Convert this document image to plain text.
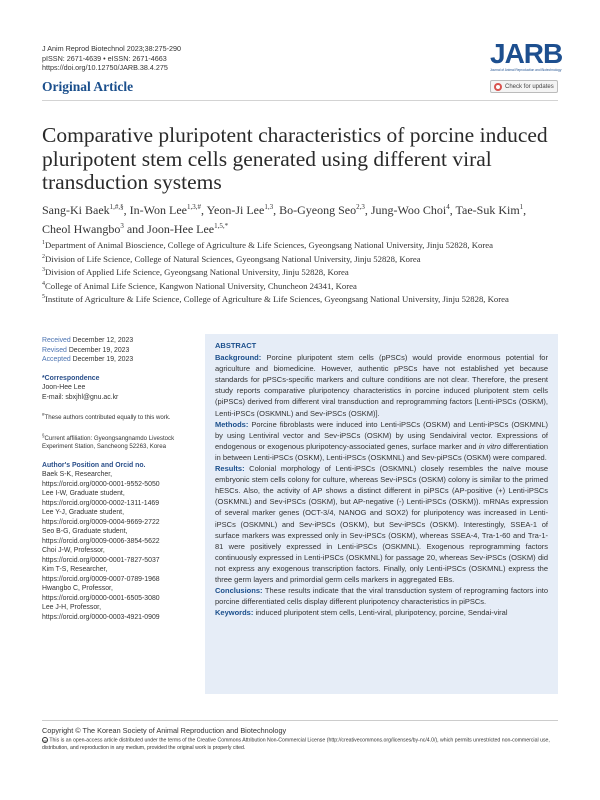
J Anim Reprod Biotechnol 2023;38:275-290
pISSN: 2671-4639 • eISSN: 2671-4663
https://doi.org/10.12750/JARB.38.4.275
Original Article
JARB
Journal of Animal Reproduction and Biotechnology
Check for updates
Comparative pluripotent characteristics of porcine induced pluripotent stem cells generated using different viral transduction systems
Sang-Ki Baek$^{1,\#,\S}$, In-Won Lee$^{1,3,\#}$, Yeon-Ji Lee$^{1,3}$, Bo-Gyeong Seo$^{2,3}$, Jung-Woo Choi$^4$, Tae-Suk Kim$^1$, Cheol Hwangbo$^3$ and Joon-Hee Lee$^{1,5,*}$
$^1$Department of Animal Bioscience, College of Agriculture & Life Sciences, Gyeongsang National University, Jinju 52828, Korea
$^2$Division of Life Science, College of Natural Sciences, Gyeongsang National University, Jinju 52828, Korea
$^3$Division of Applied Life Science, Gyeongsang National University, Jinju 52828, Korea
$^4$College of Animal Life Science, Kangwon National University, Chuncheon 24341, Korea
$^5$Institute of Agriculture & Life Science, College of Agriculture & Life Sciences, Gyeongsang National University, Jinju 52828, Korea
Received December 12, 2023
Revised December 19, 2023
Accepted December 19, 2023
*Correspondence
Joon-Hee Lee
E-mail: sbxjhl@gnu.ac.kr
#These authors contributed equally to this work.
§Current affiliation: Gyeongsangnamdo Livestock Experiment Station, Sancheong 52263, Korea
Author's Position and Orcid no.
Baek S-K, Researcher,
https://orcid.org/0000-0001-9552-5050
Lee I-W, Graduate student,
https://orcid.org/0000-0002-1311-1469
Lee Y-J, Graduate student,
https://orcid.org/0009-0004-9669-2722
Seo B-G, Graduate student,
https://orcid.org/0009-0006-3854-5622
Choi J-W, Professor,
https://orcid.org/0000-0001-7827-5037
Kim T-S, Researcher,
https://orcid.org/0009-0007-0789-1968
Hwangbo C, Professor,
https://orcid.org/0000-0001-6505-3080
Lee J-H, Professor,
https://orcid.org/0000-0003-4921-0909
ABSTRACT

Background: Porcine pluripotent stem cells (pPSCs) would provide enormous potential for agriculture and biomedicine. However, authentic pPSCs have not established yet because standards for pPSCs-specific markers and culture conditions are not clear. Therefore, the present study reports comparative pluripotency characteristics in porcine induced pluripotent stem cells (piPSCs) derived from different viral transduction and reprogramming factors [Lenti-iPSCs (OSKM), Lenti-iPSCs (OSKMNL) and Sev-iPSCs (OSKM)].

Methods: Porcine fibroblasts were induced into Lenti-iPSCs (OSKM) and Lenti-iPSCs (OSKMNL) by using Lentiviral vector and Sev-iPSCs (OSKM) by using Sendaiviral vector. Expressions of endogenous or exogenous pluripotency-associated genes, surface marker and in vitro differentiation in between Lenti-iPSCs (OSKM), Lenti-iPSCs (OSKMNL) and Sev-piPSCs (OSKM) were compared.

Results: Colonial morphology of Lenti-iPSCs (OSKMNL) closely resembles the naïve mouse embryonic stem cells colony for culture, whereas Sev-iPSCs (OSKM) colony is similar to the primed hESCs. Also, the activity of AP shows a distinct different in piPSCs (AP-positive (+) Lenti-iPSCs (OSKMNL) and Sev-iPSCs (OSKM), but AP-negative (-) Lenti-iPSCs (OSKM)). mRNAs expression of several marker genes (OCT-3/4, NANOG and SOX2) for pluripotency was increased in Lenti-iPSCs (OSKMNL) and Sev-iPSCs (OSKM), but Sev-iPSCs (OSKM). Interestingly, SSEA-1 of surface markers was expressed only in Sev-iPSCs (OSKM), whereas SSEA-4, Tra-1-60 and Tra-1-81 were positively expressed in Lenti-iPSCs (OSKMNL). Exogenous reprogramming factors continuously expressed in Lenti-iPSCs (OSKMNL) for passage 20, whereas Sev-iPSCs (OSKM) did not express any exogenous transcription factors. Finally, only Lenti-iPSCs (OSKMNL) express the three germ layers and primordial germ cells markers in aggregated EBs.

Conclusions: These results indicate that the viral transduction system of reprograming factors into porcine differentiated cells display different pluripotency characteristics in piPSCs.

Keywords: induced pluripotent stem cells, Lenti-viral, pluripotency, porcine, Sendai-viral

Copyright © The Korean Society of Animal Reproduction and Biotechnology
cc This is an open-access article distributed under the terms of the Creative Commons Attribution Non-Commercial License (http://creativecommons.org/licenses/by-nc/4.0/), which permits unrestricted non-commercial use, distribution, and reproduction in any medium, provided the original work is properly cited.
